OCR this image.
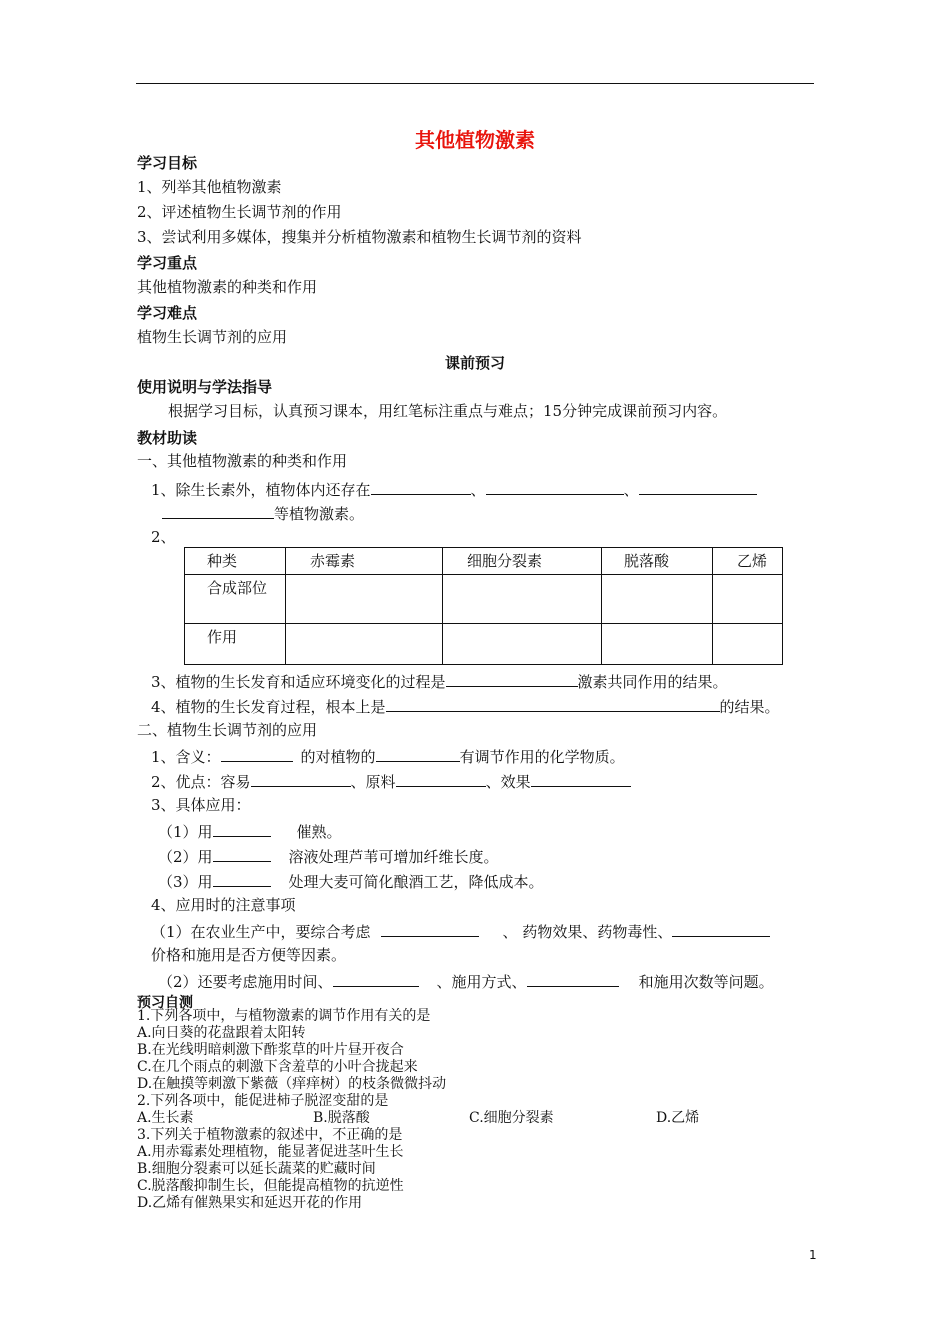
其他植物激素
学习目标
1、列举其他植物激素
2、评述植物生长调节剂的作用
3、尝试利用多媒体，搜集并分析植物激素和植物生长调节剂的资料
学习重点
其他植物激素的种类和作用
学习难点
植物生长调节剂的应用
课前预习
使用说明与学法指导
根据学习目标，认真预习课本，用红笔标注重点与难点；15分钟完成课前预习内容。
教材助读
一、其他植物激素的种类和作用
1、除生长素外，植物体内还存在	、	、
等植物激素。
2、
种类	赤霉素	细胞分裂素	脱落酸	乙烯
合成部位				
作用				
3、植物的生长发育和适应环境变化的过程是	激素共同作用的结果。
4、植物的生长发育过程，根本上是	的结果。
二、植物生长调节剂的应用
1、含义：	的对植物的	有调节作用的化学物质。
2、优点：容易	、原料	、效果
3、具体应用：
（1）用	催熟。
（2）用	溶液处理芦苇可增加纤维长度。
（3）用	处理大麦可简化酿酒工艺，降低成本。
4、应用时的注意事项
（1）在农业生产中，要综合考虑	、 药物效果、药物毒性、
价格和施用是否方便等因素。
（2）还要考虑施用时间、	、施用方式、	和施用次数等问题。
预习自测
1.下列各项中，与植物激素的调节作用有关的是
A.向日葵的花盘跟着太阳转
B.在光线明暗刺激下酢浆草的叶片昼开夜合
C.在几个雨点的刺激下含羞草的小叶合拢起来
D.在触摸等刺激下紫薇（痒痒树）的枝条微微抖动
2.下列各项中，能促进柿子脱涩变甜的是
A.生长素	B.脱落酸	C.细胞分裂素	D.乙烯
3.下列关于植物激素的叙述中，不正确的是
A.用赤霉素处理植物，能显著促进茎叶生长
B.细胞分裂素可以延长蔬菜的贮藏时间
C.脱落酸抑制生长，但能提高植物的抗逆性
D.乙烯有催熟果实和延迟开花的作用
1
